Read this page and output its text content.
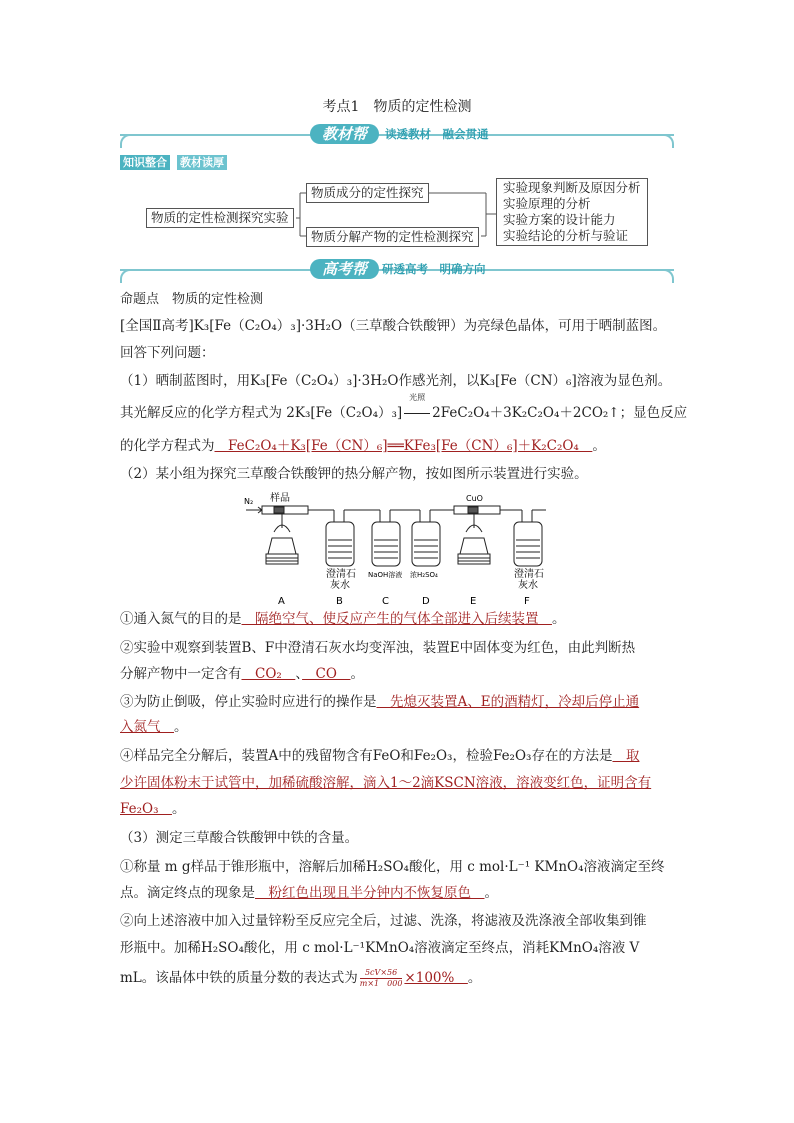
考点1　物质的定性检测
教材帮	读透教材　融会贯通
知识整合 教材读厚
物质的定性检测探究实验
物质成分的定性探究
物质分解产物的定性检测探究
实验现象判断及原因分析
实验原理的分析
实验方案的设计能力
实验结论的分析与验证
高考帮	研透高考　明确方向
命题点　物质的定性检测
[全国Ⅱ高考]K₃[Fe（C₂O₄）₃]·3H₂O（三草酸合铁酸钾）为亮绿色晶体，可用于晒制蓝图。
回答下列问题：
（1）晒制蓝图时，用K₃[Fe（C₂O₄）₃]·3H₂O作感光剂，以K₃[Fe（CN）₆]溶液为显色剂。
其光解反应的化学方程式为 2K₃[Fe（C₂O₄）₃]
光照
2FeC₂O₄＋3K₂C₂O₄＋2CO₂↑；显色反应
的化学方程式为　FeC₂O₄＋K₃[Fe（CN）₆]══KFe₃[Fe（CN）₆]＋K₂C₂O₄　。
（2）某小组为探究三草酸合铁酸钾的热分解产物，按如图所示装置进行实验。
N₂ 样品	CuO
澄清石
灰水
NaOH溶液 浓H₂SO₄	澄清石
灰水
A	B	C	D	E	F
①通入氮气的目的是　隔绝空气、使反应产生的气体全部进入后续装置　。
②实验中观察到装置B、F中澄清石灰水均变浑浊，装置E中固体变为红色，由此判断热
分解产物中一定含有　CO₂　、　CO　。
③为防止倒吸，停止实验时应进行的操作是　先熄灭装置A、E的酒精灯，冷却后停止通
入氮气　。
④样品完全分解后，装置A中的残留物含有FeO和Fe₂O₃，检验Fe₂O₃存在的方法是　取
少许固体粉末于试管中，加稀硫酸溶解，滴入1～2滴KSCN溶液，溶液变红色，证明含有
Fe₂O₃　。
（3）测定三草酸合铁酸钾中铁的含量。
①称量 m g样品于锥形瓶中，溶解后加稀H₂SO₄酸化，用 c mol·L⁻¹ KMnO₄溶液滴定至终
点。滴定终点的现象是　粉红色出现且半分钟内不恢复原色　。
②向上述溶液中加入过量锌粉至反应完全后，过滤、洗涤，将滤液及洗涤液全部收集到锥
形瓶中。加稀H₂SO₄酸化，用 c mol·L⁻¹KMnO₄溶液滴定至终点，消耗KMnO₄溶液 V
mL。该晶体中铁的质量分数的表达式为 $\frac{5cV\times 56}{m\times 1 000} \times 100\%$　。
